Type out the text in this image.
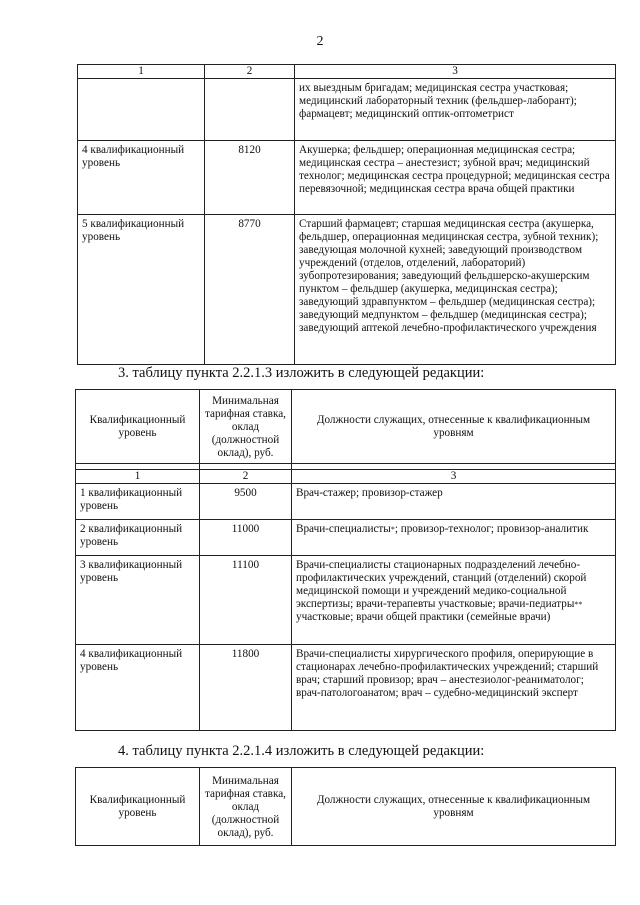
2
1	2	3
		их выездным бригадам; медицинская сестра участковая; медицинский лабораторный техник (фельдшер-лаборант); фармацевт; медицинский оптик-оптометрист
4 квалификационный уровень	8120	Акушерка; фельдшер; операционная медицинская сестра; медицинская сестра – анестезист; зубной врач; медицинский технолог; медицинская сестра процедурной; медицинская сестра перевязочной; медицинская сестра врача общей практики
5 квалификационный уровень	8770	Старший фармацевт; старшая медицинская сестра (акушерка, фельдшер, операционная медицинская сестра, зубной техник); заведующая молочной кухней; заведующий производством учреждений (отделов, отделений, лабораторий) зубопротезирования; заведующий фельдшерско-акушерским пунктом – фельдшер (акушерка, медицинская сестра); заведующий здравпунктом – фельдшер (медицинская сестра); заведующий медпунктом – фельдшер (медицинская сестра); заведующий аптекой лечебно-профилактического учреждения
3. таблицу пункта 2.2.1.3 изложить в следующей редакции:
Квалификационный уровень	Минимальная тарифная ставка, оклад (должностной оклад), руб.	Должности служащих, отнесенные к квалификационным уровням

1	2	3
1 квалификационный уровень	9500	Врач-стажер; провизор-стажер
2 квалификационный уровень	11000	Врачи-специалисты*; провизор-технолог; провизор-аналитик
3 квалификационный уровень	11100	Врачи-специалисты стационарных подразделений лечебно-профилактических учреждений, станций (отделений) скорой медицинской помощи и учреждений медико-социальной экспертизы; врачи-терапевты участковые; врачи-педиатры** участковые; врачи общей практики (семейные врачи)
4 квалификационный уровень	11800	Врачи-специалисты хирургического профиля, оперирующие в стационарах лечебно-профилактических учреждений; старший врач; старший провизор; врач – анестезиолог-реаниматолог; врач-патологоанатом; врач – судебно-медицинский эксперт
4. таблицу пункта 2.2.1.4 изложить в следующей редакции:
Квалификационный уровень	Минимальная тарифная ставка, оклад (должностной оклад), руб.	Должности служащих, отнесенные к квалификационным уровням
